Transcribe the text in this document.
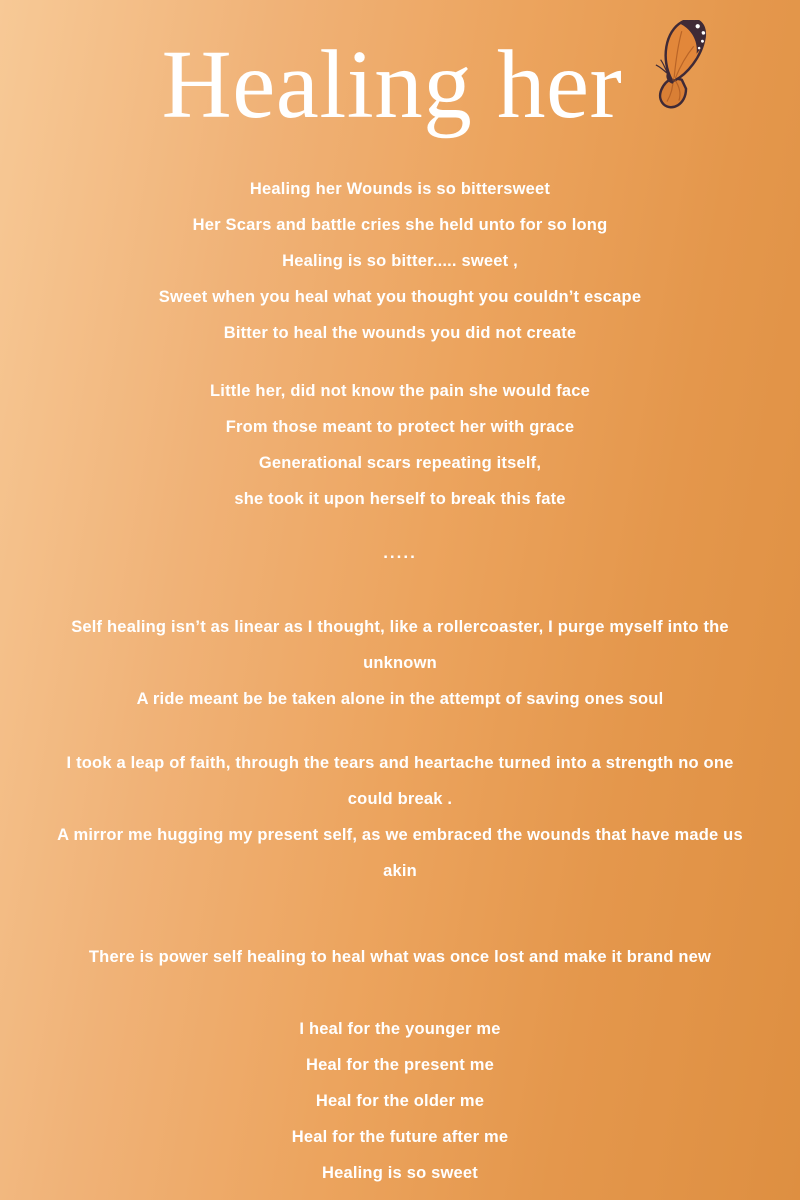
Healing her
Healing her Wounds is so bittersweet
Her Scars and battle cries she held unto for so long
Healing is so bitter..... sweet ,
Sweet when you heal what you thought you couldn’t escape
Bitter to heal the wounds you did not create
Little her, did not know the pain she would face
From those meant to protect her with grace
Generational scars repeating itself,
she took it upon herself to break this fate
.....
Self healing isn’t as linear as I thought, like a rollercoaster, I purge myself into the
unknown
A ride meant be be taken alone in the attempt of saving ones soul
I took a leap of faith, through the tears and heartache turned into a strength no one
could break .
A mirror me hugging my present self, as we embraced the wounds that have made us
akin
There is power self healing to heal what was once lost and make it brand new
I heal for the younger me
Heal for the present me
Heal for the older me
Heal for the future after me
Healing is so sweet
